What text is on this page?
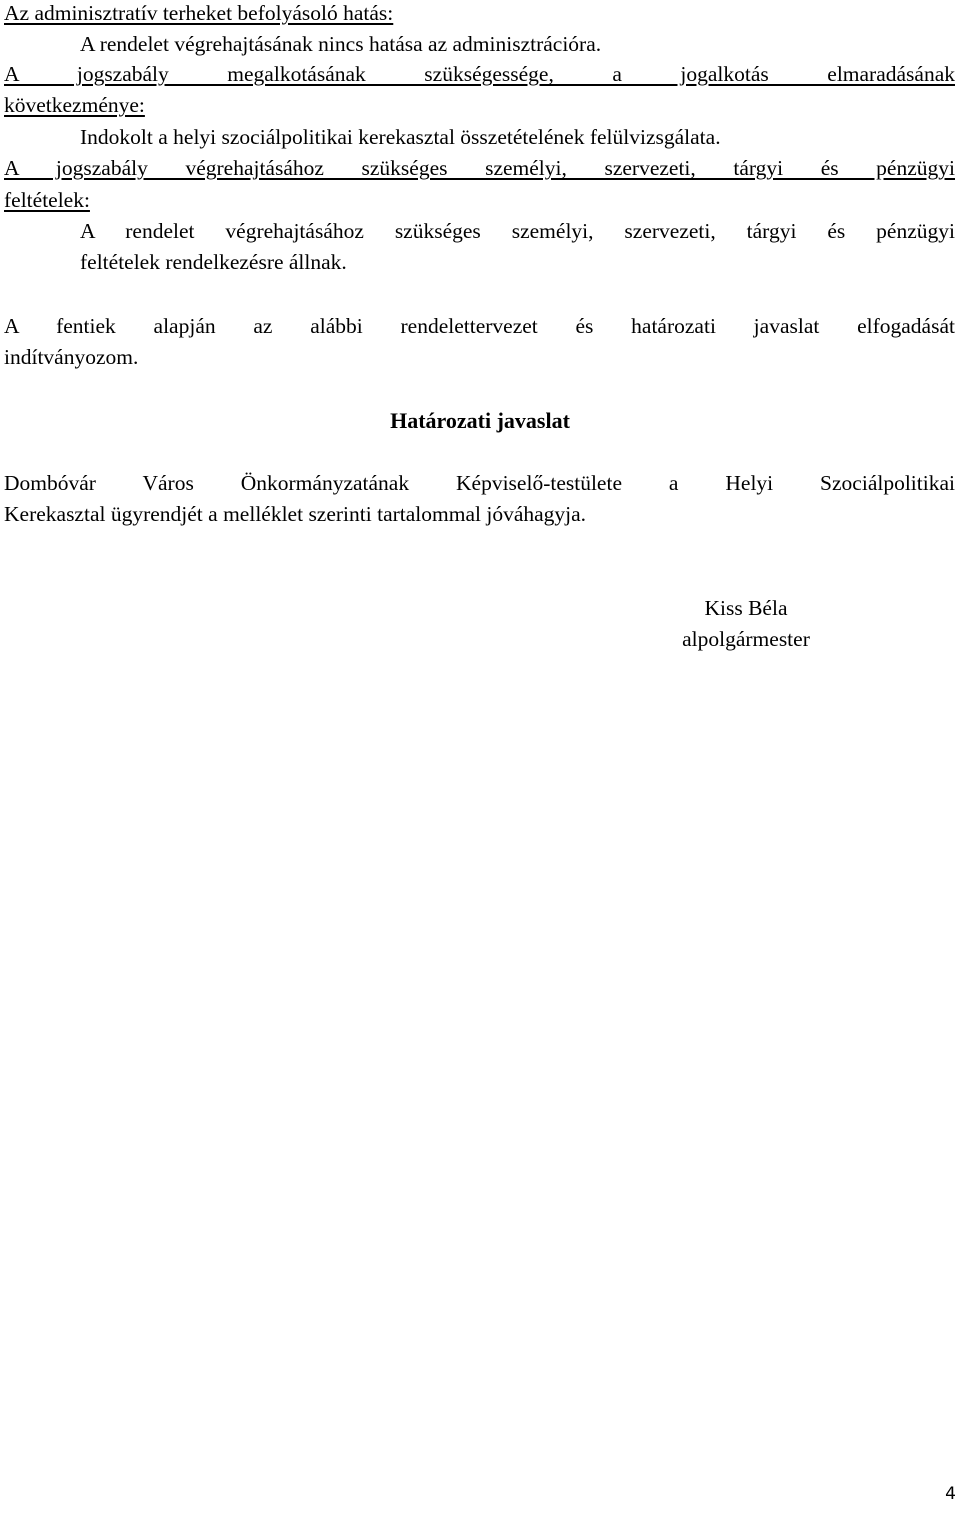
Az adminisztratív terheket befolyásoló hatás:
A rendelet végrehajtásának nincs hatása az adminisztrációra.
A jogszabály megalkotásának szükségessége, a jogalkotás elmaradásának
következménye:
Indokolt a helyi szociálpolitikai kerekasztal összetételének felülvizsgálata.
A jogszabály végrehajtásához szükséges személyi, szervezeti, tárgyi és pénzügyi
feltételek:
A rendelet végrehajtásához szükséges személyi, szervezeti, tárgyi és pénzügyi
feltételek rendelkezésre állnak.
A fentiek alapján az alábbi rendelettervezet és határozati javaslat elfogadását
indítványozom.
Határozati javaslat
Dombóvár Város Önkormányzatának Képviselő-testülete a Helyi Szociálpolitikai
Kerekasztal ügyrendjét a melléklet szerinti tartalommal jóváhagyja.
Kiss Béla
alpolgármester
4
